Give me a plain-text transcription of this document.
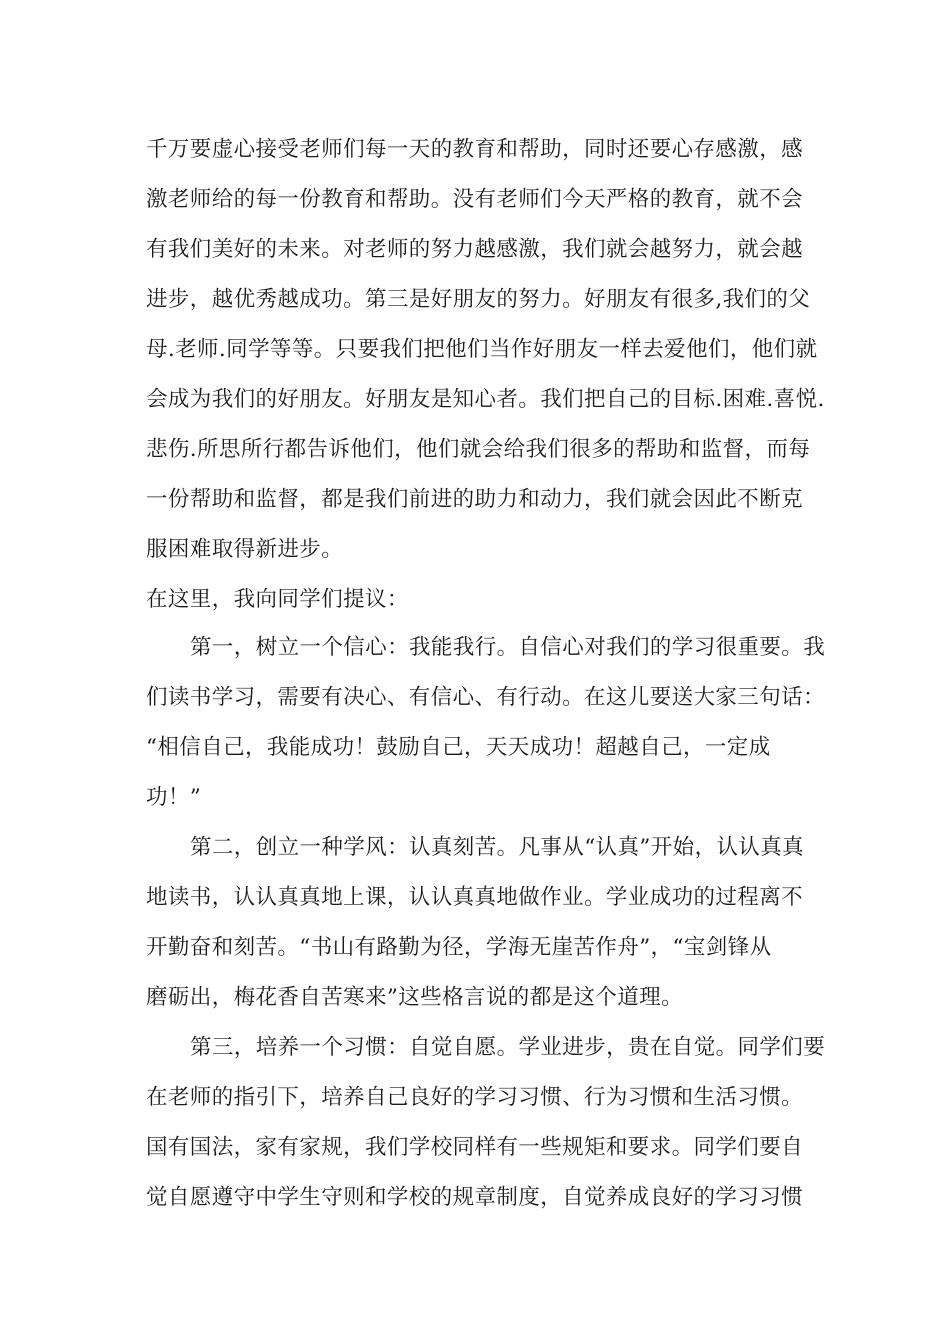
千万要虚心接受老师们每一天的教育和帮助，同时还要心存感激，感
激老师给的每一份教育和帮助。没有老师们今天严格的教育，就不会
有我们美好的未来。对老师的努力越感激，我们就会越努力，就会越
进步，越优秀越成功。第三是好朋友的努力。好朋友有很多,我们的父
母.老师.同学等等。只要我们把他们当作好朋友一样去爱他们，他们就
会成为我们的好朋友。好朋友是知心者。我们把自己的目标.困难.喜悦.
悲伤.所思所行都告诉他们，他们就会给我们很多的帮助和监督，而每
一份帮助和监督，都是我们前进的助力和动力，我们就会因此不断克
服困难取得新进步。
在这里，我向同学们提议：
第一，树立一个信心：我能我行。自信心对我们的学习很重要。我
们读书学习，需要有决心、有信心、有行动。在这儿要送大家三句话：
“相信自己，我能成功！鼓励自己，天天成功！超越自己，一定成
功！”
第二，创立一种学风：认真刻苦。凡事从“认真”开始，认认真真
地读书，认认真真地上课，认认真真地做作业。学业成功的过程离不
开勤奋和刻苦。“书山有路勤为径，学海无崖苦作舟”，“宝剑锋从
磨砺出，梅花香自苦寒来”这些格言说的都是这个道理。
第三，培养一个习惯：自觉自愿。学业进步，贵在自觉。同学们要
在老师的指引下，培养自己良好的学习习惯、行为习惯和生活习惯。
国有国法，家有家规，我们学校同样有一些规矩和要求。同学们要自
觉自愿遵守中学生守则和学校的规章制度，自觉养成良好的学习习惯
